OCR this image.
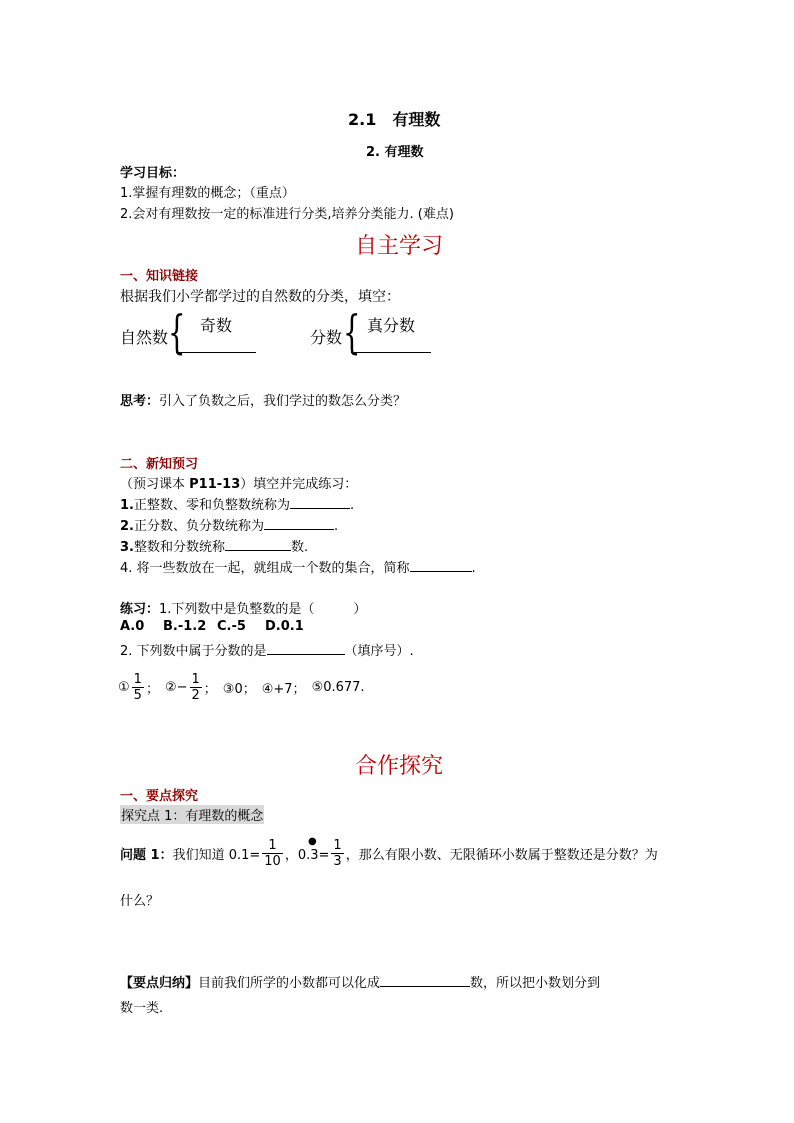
2.1　有理数
2. 有理数
学习目标：
1.掌握有理数的概念；（重点）
2.会对有理数按一定的标准进行分类,培养分类能力. (难点)
自主学习
一、知识链接
根据我们小学都学过的自然数的分类，填空：
自然数 { 奇数
分数 { 真分数
思考：引入了负数之后，我们学过的数怎么分类？
二、新知预习
（预习课本 P11-13）填空并完成练习：
1.正整数、零和负整数统称为	.
2.正分数、负分数统称为	.
3.整数和分数统称	数.
4. 将一些数放在一起，就组成一个数的集合，简称	.
练习：1.下列数中是负整数的是（　　　）
A.0 B.-1.2 C.-5 D.0.1
2. 下列数中属于分数的是	（填序号）.
① $\frac{1}{5}$ ； ②− $\frac{1}{2}$ ； ③0； ④+7； ⑤0.677.
合作探究
一、要点探究
探究点 1：有理数的概念
问题 1： 我们知道 $0.1= \frac{1}{10}$ ，$0.3= \frac{1}{3}$ ，那么有限小数、无限循环小数属于整数还是分数？为
●
什么？
【要点归纳】目前我们所学的小数都可以化成	数，所以把小数划分到
数一类.
